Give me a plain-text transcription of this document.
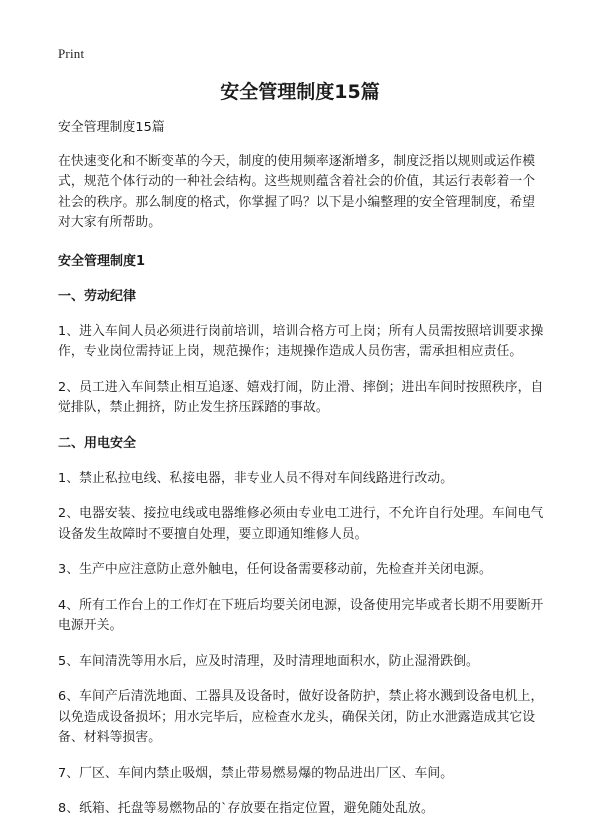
Print
安全管理制度15篇

安全管理制度15篇

在快速变化和不断变革的今天，制度的使用频率逐渐增多，制度泛指以规则或运作模式，规范个体行动的一种社会结构。这些规则蕴含着社会的价值，其运行表彰着一个社会的秩序。那么制度的格式，你掌握了吗？以下是小编整理的安全管理制度，希望对大家有所帮助。

安全管理制度1
一、劳动纪律

1、进入车间人员必须进行岗前培训，培训合格方可上岗；所有人员需按照培训要求操作，专业岗位需持证上岗，规范操作；违规操作造成人员伤害，需承担相应责任。

2、员工进入车间禁止相互追逐、嬉戏打闹，防止滑、摔倒；进出车间时按照秩序，自觉排队，禁止拥挤，防止发生挤压踩踏的事故。

二、用电安全

1、禁止私拉电线、私接电器，非专业人员不得对车间线路进行改动。

2、电器安装、接拉电线或电器维修必须由专业电工进行，不允许自行处理。车间电气设备发生故障时不要擅自处理，要立即通知维修人员。

3、生产中应注意防止意外触电，任何设备需要移动前，先检查并关闭电源。

4、所有工作台上的工作灯在下班后均要关闭电源，设备使用完毕或者长期不用要断开电源开关。

5、车间清洗等用水后，应及时清理，及时清理地面积水，防止湿滑跌倒。

6、车间产后清洗地面、工器具及设备时，做好设备防护，禁止将水溅到设备电机上，以免造成设备损坏；用水完毕后，应检查水龙头，确保关闭，防止水泄露造成其它设备、材料等损害。

7、厂区、车间内禁止吸烟，禁止带易燃易爆的物品进出厂区、车间。

8、纸箱、托盘等易燃物品的`存放要在指定位置，避免随处乱放。
